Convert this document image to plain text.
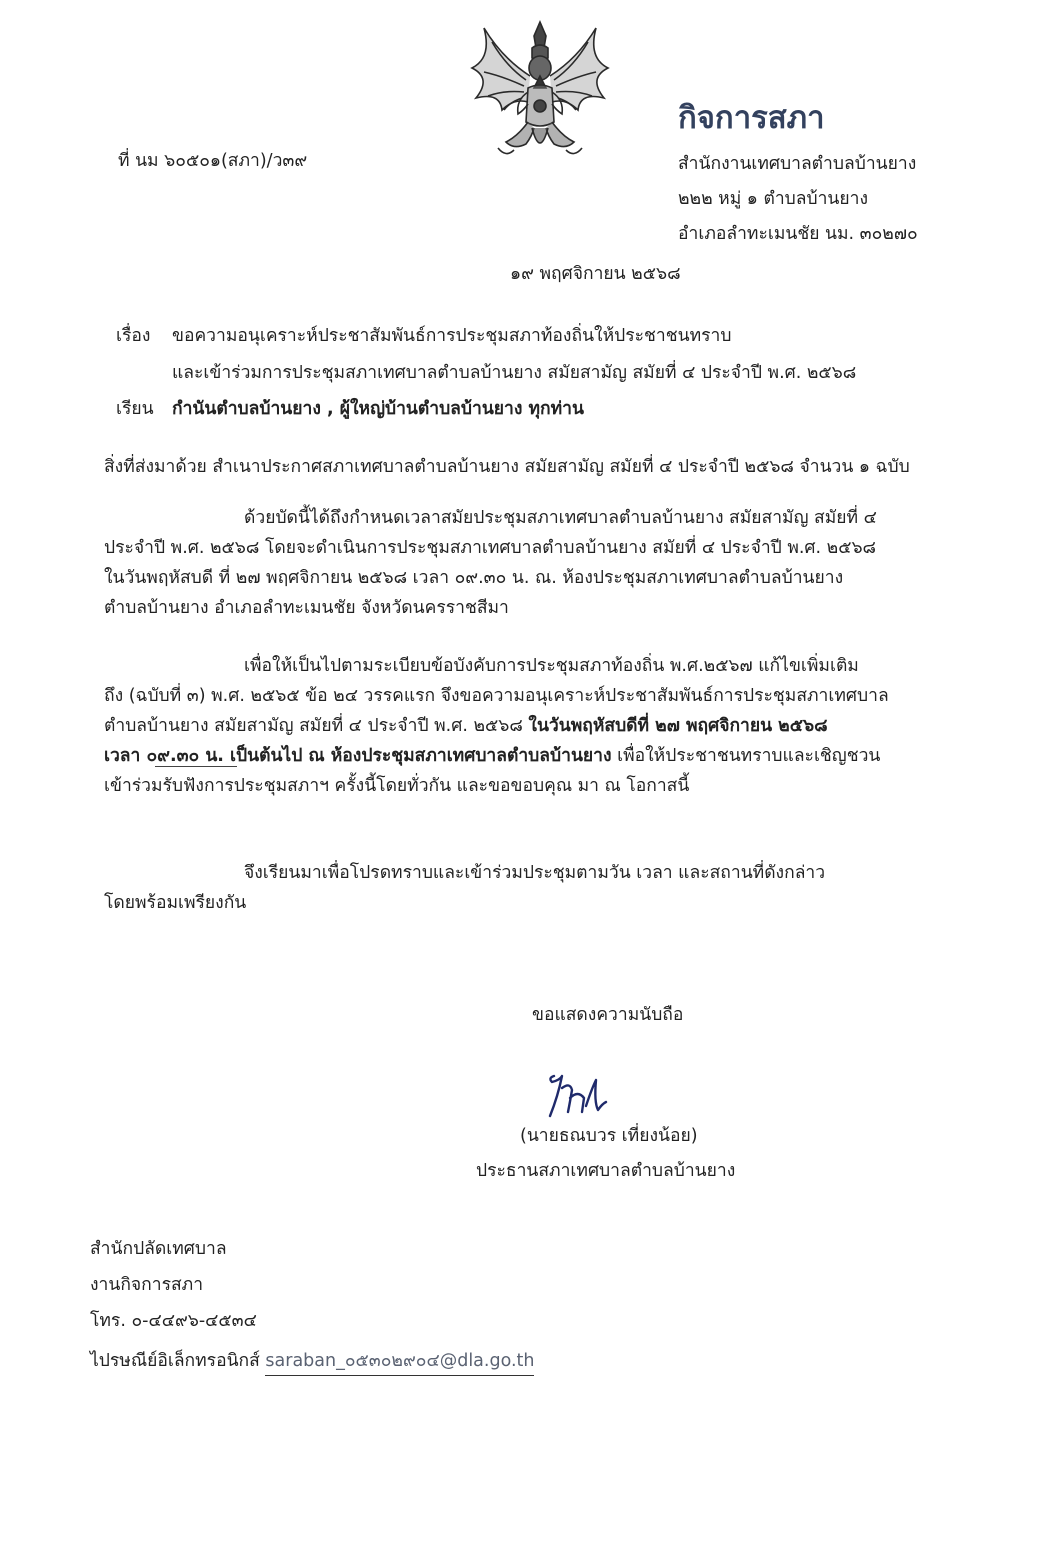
กิจการสภา
สำนักงานเทศบาลตำบลบ้านยาง
๒๒๒ หมู่ ๑ ตำบลบ้านยาง
อำเภอลำทะเมนชัย นม. ๓๐๒๗๐
ที่ นม ๖๐๕๐๑(สภา)/ว๓๙
๑๙ พฤศจิกายน ๒๕๖๘
เรื่อง ขอความอนุเคราะห์ประชาสัมพันธ์การประชุมสภาท้องถิ่นให้ประชาชนทราบ
และเข้าร่วมการประชุมสภาเทศบาลตำบลบ้านยาง สมัยสามัญ สมัยที่ ๔ ประจำปี พ.ศ. ๒๕๖๘
เรียน กำนันตำบลบ้านยาง , ผู้ใหญ่บ้านตำบลบ้านยาง ทุกท่าน
สิ่งที่ส่งมาด้วย สำเนาประกาศสภาเทศบาลตำบลบ้านยาง สมัยสามัญ สมัยที่ ๔ ประจำปี ๒๕๖๘ จำนวน ๑ ฉบับ
ด้วยบัดนี้ได้ถึงกำหนดเวลาสมัยประชุมสภาเทศบาลตำบลบ้านยาง สมัยสามัญ สมัยที่ ๔
ประจำปี พ.ศ. ๒๕๖๘ โดยจะดำเนินการประชุมสภาเทศบาลตำบลบ้านยาง สมัยที่ ๔ ประจำปี พ.ศ. ๒๕๖๘
ในวันพฤหัสบดี ที่ ๒๗ พฤศจิกายน ๒๕๖๘ เวลา ๐๙.๓๐ น. ณ. ห้องประชุมสภาเทศบาลตำบลบ้านยาง
ตำบลบ้านยาง อำเภอลำทะเมนชัย จังหวัดนครราชสีมา
เพื่อให้เป็นไปตามระเบียบข้อบังคับการประชุมสภาท้องถิ่น พ.ศ.๒๕๖๗ แก้ไขเพิ่มเติม
ถึง (ฉบับที่ ๓) พ.ศ. ๒๕๖๕ ข้อ ๒๔ วรรคแรก จึงขอความอนุเคราะห์ประชาสัมพันธ์การประชุมสภาเทศบาล
ตำบลบ้านยาง สมัยสามัญ สมัยที่ ๔ ประจำปี พ.ศ. ๒๕๖๘ ในวันพฤหัสบดีที่ ๒๗ พฤศจิกายน ๒๕๖๘
เวลา ๐๙.๓๐ น. เป็นต้นไป ณ ห้องประชุมสภาเทศบาลตำบลบ้านยาง เพื่อให้ประชาชนทราบและเชิญชวน
เข้าร่วมรับฟังการประชุมสภาฯ ครั้งนี้โดยทั่วกัน และขอขอบคุณ มา ณ โอกาสนี้
จึงเรียนมาเพื่อโปรดทราบและเข้าร่วมประชุมตามวัน เวลา และสถานที่ดังกล่าว
โดยพร้อมเพรียงกัน
ขอแสดงความนับถือ
(นายธณบวร เที่ยงน้อย)
ประธานสภาเทศบาลตำบลบ้านยาง
สำนักปลัดเทศบาล
งานกิจการสภา
โทร. ๐-๔๔๙๖-๔๕๓๔
ไปรษณีย์อิเล็กทรอนิกส์ saraban_๐๕๓๐๒๙๐๔@dla.go.th
